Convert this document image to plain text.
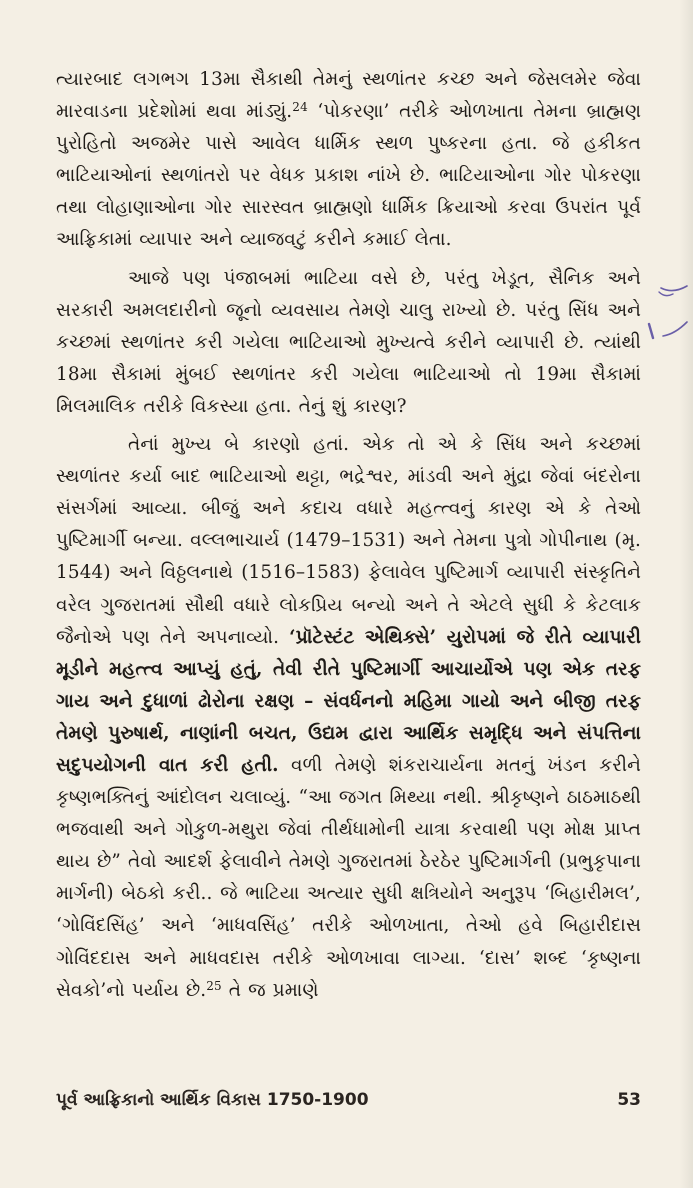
ત્યારબાદ લગભગ 13મા સૈકાથી તેમનું સ્થળાંતર કચ્છ અને જેસલમેર જેવા મારવાડના પ્રદેશોમાં થવા માંડ્યું.$^{24}$ ‘પોકરણા’ તરીકે ઓળખાતા તેમના બ્રાહ્મણ પુરોહિતો અજમેર પાસે આવેલ ધાર્મિક સ્થળ પુષ્કરના હતા. જે હકીકત ભાટિયાઓનાં સ્થળાંતરો પર વેધક પ્રકાશ નાંખે છે. ભાટિયાઓના ગોર પોકરણા તથા લોહાણાઓના ગોર સારસ્વત બ્રાહ્મણો ધાર્મિક ક્રિયાઓ કરવા ઉપરાંત પૂર્વ આફ્રિકામાં વ્યાપાર અને વ્યાજવટું કરીને કમાઈ લેતા.

આજે પણ પંજાબમાં ભાટિયા વસે છે, પરંતુ ખેડૂત, સૈનિક અને સરકારી અમલદારીનો જૂનો વ્યવસાય તેમણે ચાલુ રાખ્યો છે. પરંતુ સિંધ અને કચ્છમાં સ્થળાંતર કરી ગયેલા ભાટિયાઓ મુખ્યત્વે કરીને વ્યાપારી છે. ત્યાંથી 18મા સૈકામાં મુંબઈ સ્થળાંતર કરી ગયેલા ભાટિયાઓ તો 19મા સૈકામાં મિલમાલિક તરીકે વિકસ્યા હતા. તેનું શું કારણ?

તેનાં મુખ્ય બે કારણો હતાં. એક તો એ કે સિંધ અને કચ્છમાં સ્થળાંતર કર્યા બાદ ભાટિયાઓ થટ્ટા, ભદ્રેશ્વર, માંડવી અને મુંદ્રા જેવાં બંદરોના સંસર્ગમાં આવ્યા. બીજું અને કદાચ વધારે મહત્ત્વનું કારણ એ કે તેઓ પુષ્ટિમાર્ગી બન્યા. વલ્લભાચાર્ય (1479–1531) અને તેમના પુત્રો ગોપીનાથ (મૃ. 1544) અને વિઠ્ઠલનાથે (1516–1583) ફેલાવેલ પુષ્ટિમાર્ગ વ્યાપારી સંસ્કૃતિને વરેલ ગુજરાતમાં સૌથી વધારે લોકપ્રિય બન્યો અને તે એટલે સુધી કે કેટલાક જૈનોએ પણ તેને અપનાવ્યો. ‘પ્રૉટેસ્ટંટ એથિક્સે’ યુરોપમાં જે રીતે વ્યાપારી મૂડીને મહત્ત્વ આપ્યું હતું, તેવી રીતે પુષ્ટિમાર્ગી આચાર્યોએ પણ એક તરફ ગાય અને દુધાળાં ઢોરોના રક્ષણ – સંવર્ધનનો મહિમા ગાયો અને બીજી તરફ તેમણે પુરુષાર્થ, નાણાંની બચત, ઉદ્યમ દ્વારા આર્થિક સમૃદ્ધિ અને સંપત્તિના સદુપયોગની વાત કરી હતી. વળી તેમણે શંકરાચાર્યના મતનું ખંડન કરીને કૃષ્ણભક્તિનું આંદોલન ચલાવ્યું. “આ જગત મિથ્યા નથી. શ્રીકૃષ્ણને ઠાઠમાઠથી ભજવાથી અને ગોકુળ-મથુરા જેવાં તીર્થધામોની યાત્રા કરવાથી પણ મોક્ષ પ્રાપ્ત થાય છે” તેવો આદર્શ ફેલાવીને તેમણે ગુજરાતમાં ઠેરઠેર પુષ્ટિમાર્ગની (પ્રભુકૃપાના માર્ગની) બેઠકો કરી.. જે ભાટિયા અત્યાર સુધી ક્ષત્રિયોને અનુરૂપ ‘બિહારીમલ’, ‘ગોવિંદસિંહ’ અને ‘માધવસિંહ’ તરીકે ઓળખાતા, તેઓ હવે બિહારીદાસ ગોવિંદદાસ અને માધવદાસ તરીકે ઓળખાવા લાગ્યા. ‘દાસ’ શબ્દ ‘કૃષ્ણના સેવકો’નો પર્યાય છે.$^{25}$ તે જ પ્રમાણે

પૂર્વ આફ્રિકાનો આર્થિક વિકાસ 1750-1900	53
